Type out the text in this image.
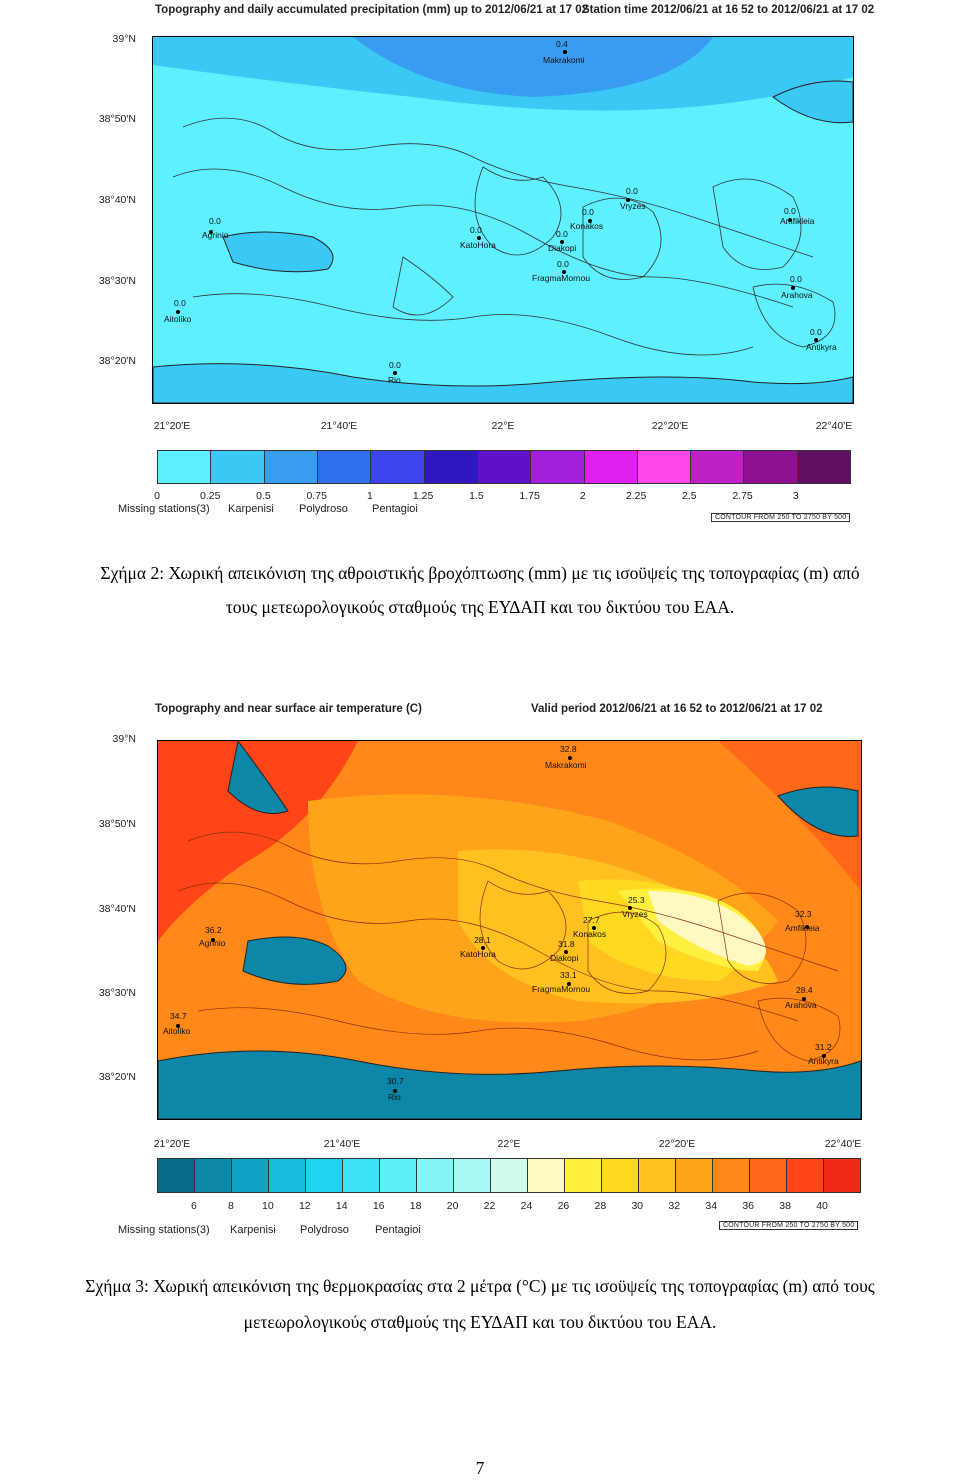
Topography and daily accumulated precipitation (mm) up to 2012/06/21 at 17 02
Station time 2012/06/21 at 16 52 to 2012/06/21 at 17 02
39°N
38°50'N
38°40'N
38°30'N
38°20'N
0.4
Makrakomi
0.0
Vryzes
0.0
Konakos
0.0
Amfikleia
0.0
Agrinio	0.0
KatoHora
0.0
Diakopi
0.0
FragmaMornou	0.0
Arahova
0.0
Aitoliko
0.0
Antikyra
0.0
Rio
21°20'E	21°40'E	22°E	22°20'E	22°40'E
0	0.25	0.5	0.75	1	1.25	1.5	1.75	2	2.25	2.5	2.75	3
Missing stations(3) Karpenisi Polydroso Pentagioi
CONTOUR FROM 250 TO 2750 BY 500
Σχήμα 2: Χωρική απεικόνιση της αθροιστικής βροχόπτωσης (mm) με τις ισοϋψείς της τοπογραφίας (m) από
τους μετεωρολογικούς σταθμούς της ΕΥΔΑΠ και του δικτύου του ΕΑΑ.
Topography and near surface air temperature (C)	Valid period 2012/06/21 at 16 52 to 2012/06/21 at 17 02
39°N
38°50'N
38°40'N
38°30'N
38°20'N
32.8
Makrakomi
25.3
Vryzes
27.7
Konakos
32.3
Amfikleia
36.2
Agrinio	28.1
KatoHora
31.8
Diakopi
33.1
FragmaMornou	28.4
Arahova
34.7
Aitoliko
31.2
Antikyra
30.7
Rio
21°20'E	21°40'E	22°E	22°20'E	22°40'E
6	8	10	12	14	16	18	20	22	24	26	28	30	32	34	36	38	40
Missing stations(3) Karpenisi Polydroso Pentagioi	CONTOUR FROM 250 TO 2750 BY 500
Σχήμα 3: Χωρική απεικόνιση της θερμοκρασίας στα 2 μέτρα (°C) με τις ισοϋψείς της τοπογραφίας (m) από τους
μετεωρολογικούς σταθμούς της ΕΥΔΑΠ και του δικτύου του ΕΑΑ.
7
